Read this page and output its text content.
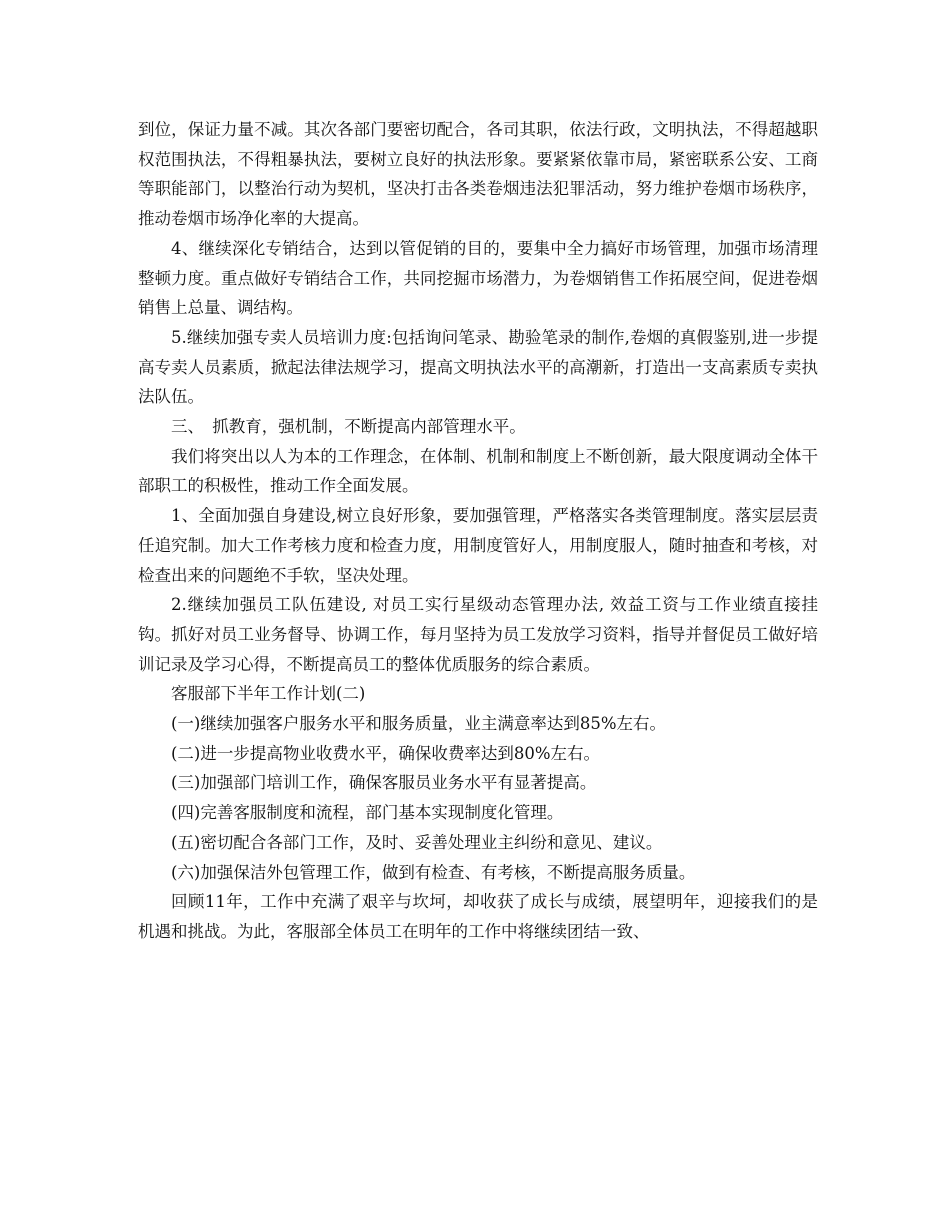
到位，保证力量不减。其次各部门要密切配合，各司其职，依法行政，文明执法，不得超越职权范围执法，不得粗暴执法，要树立良好的执法形象。要紧紧依靠市局，紧密联系公安、工商等职能部门，以整治行动为契机，坚决打击各类卷烟违法犯罪活动，努力维护卷烟市场秩序，推动卷烟市场净化率的大提高。

4、继续深化专销结合，达到以管促销的目的，要集中全力搞好市场管理，加强市场清理整顿力度。重点做好专销结合工作，共同挖掘市场潜力，为卷烟销售工作拓展空间，促进卷烟销售上总量、调结构。

5.继续加强专卖人员培训力度:包括询问笔录、勘验笔录的制作,卷烟的真假鉴别,进一步提高专卖人员素质，掀起法律法规学习，提高文明执法水平的高潮新，打造出一支高素质专卖执法队伍。

三、　抓教育，强机制，不断提高内部管理水平。

我们将突出以人为本的工作理念，在体制、机制和制度上不断创新，最大限度调动全体干部职工的积极性，推动工作全面发展。

1、全面加强自身建设,树立良好形象，要加强管理，严格落实各类管理制度。落实层层责任追究制。加大工作考核力度和检查力度，用制度管好人，用制度服人，随时抽查和考核，对检查出来的问题绝不手软，坚决处理。

2.继续加强员工队伍建设, 对员工实行星级动态管理办法, 效益工资与工作业绩直接挂钩。抓好对员工业务督导、协调工作，每月坚持为员工发放学习资料，指导并督促员工做好培训记录及学习心得，不断提高员工的整体优质服务的综合素质。

客服部下半年工作计划(二)

(一)继续加强客户服务水平和服务质量，业主满意率达到85%左右。

(二)进一步提高物业收费水平，确保收费率达到80%左右。

(三)加强部门培训工作，确保客服员业务水平有显著提高。

(四)完善客服制度和流程，部门基本实现制度化管理。

(五)密切配合各部门工作，及时、妥善处理业主纠纷和意见、建议。

(六)加强保洁外包管理工作，做到有检查、有考核，不断提高服务质量。

回顾11年，工作中充满了艰辛与坎坷，却收获了成长与成绩，展望明年，迎接我们的是机遇和挑战。为此，客服部全体员工在明年的工作中将继续团结一致、
